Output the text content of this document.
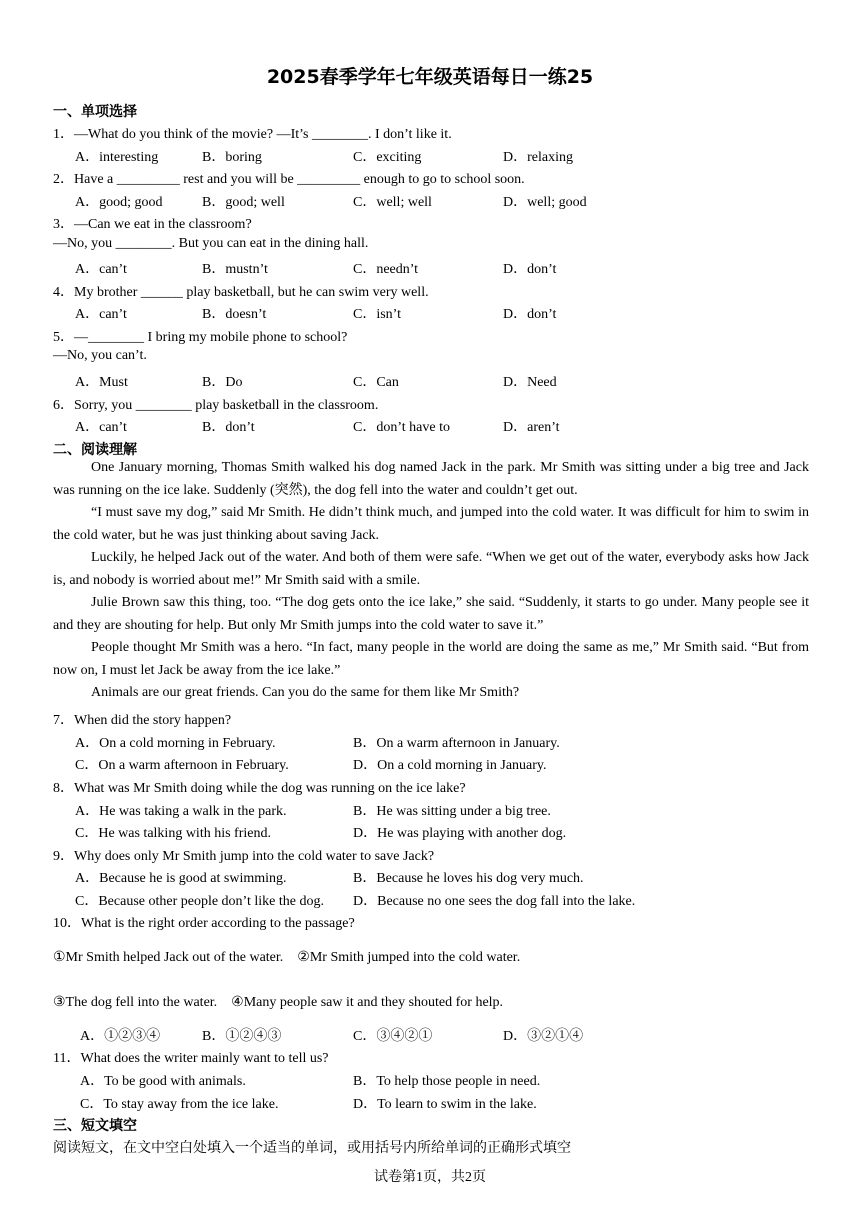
2025春季学年七年级英语每日一练25
一、单项选择
1．—What do you think of the movie? —It’s ________. I don’t like it.
A．interesting	B．boring	C．exciting	D．relaxing
2．Have a _________ rest and you will be _________ enough to go to school soon.
A．good; good	B．good; well	C．well; well	D．well; good
3．—Can we eat in the classroom?
—No, you ________. But you can eat in the dining hall.
A．can’t	B．mustn’t	C．needn’t	D．don’t
4．My brother ______ play basketball, but he can swim very well.
A．can’t	B．doesn’t	C．isn’t	D．don’t
5．—________ I bring my mobile phone to school?
—No, you can’t.
A．Must	B．Do	C．Can	D．Need
6．Sorry, you ________ play basketball in the classroom.
A．can’t	B．don’t	C．don’t have to	D．aren’t
二、阅读理解
One January morning, Thomas Smith walked his dog named Jack in the park. Mr Smith was sitting under a big tree and Jack was running on the ice lake. Suddenly (突然), the dog fell into the water and couldn’t get out.
“I must save my dog,” said Mr Smith. He didn’t think much, and jumped into the cold water. It was difficult for him to swim in the cold water, but he was just thinking about saving Jack.
Luckily, he helped Jack out of the water. And both of them were safe. “When we get out of the water, everybody asks how Jack is, and nobody is worried about me!” Mr Smith said with a smile.
Julie Brown saw this thing, too. “The dog gets onto the ice lake,” she said. “Suddenly, it starts to go under. Many people see it and they are shouting for help. But only Mr Smith jumps into the cold water to save it.”
People thought Mr Smith was a hero. “In fact, many people in the world are doing the same as me,” Mr Smith said. “But from now on, I must let Jack be away from the ice lake.”
Animals are our great friends. Can you do the same for them like Mr Smith?
7．When did the story happen?
A．On a cold morning in February.	B．On a warm afternoon in January.
C．On a warm afternoon in February.	D．On a cold morning in January.
8．What was Mr Smith doing while the dog was running on the ice lake?
A．He was taking a walk in the park.	B．He was sitting under a big tree.
C．He was talking with his friend.	D．He was playing with another dog.
9．Why does only Mr Smith jump into the cold water to save Jack?
A．Because he is good at swimming.	B．Because he loves his dog very much.
C．Because other people don’t like the dog. D．Because no one sees the dog fall into the lake.
10．What is the right order according to the passage?
①Mr Smith helped Jack out of the water.　②Mr Smith jumped into the cold water.
③The dog fell into the water.　④Many people saw it and they shouted for help.
A．①②③④	B．①②④③	C．③④②①	D．③②①④
11．What does the writer mainly want to tell us?
A．To be good with animals.	B．To help those people in need.
C．To stay away from the ice lake.	D．To learn to swim in the lake.
三、短文填空
阅读短文，在文中空白处填入一个适当的单词，或用括号内所给单词的正确形式填空
试卷第1页，共2页
